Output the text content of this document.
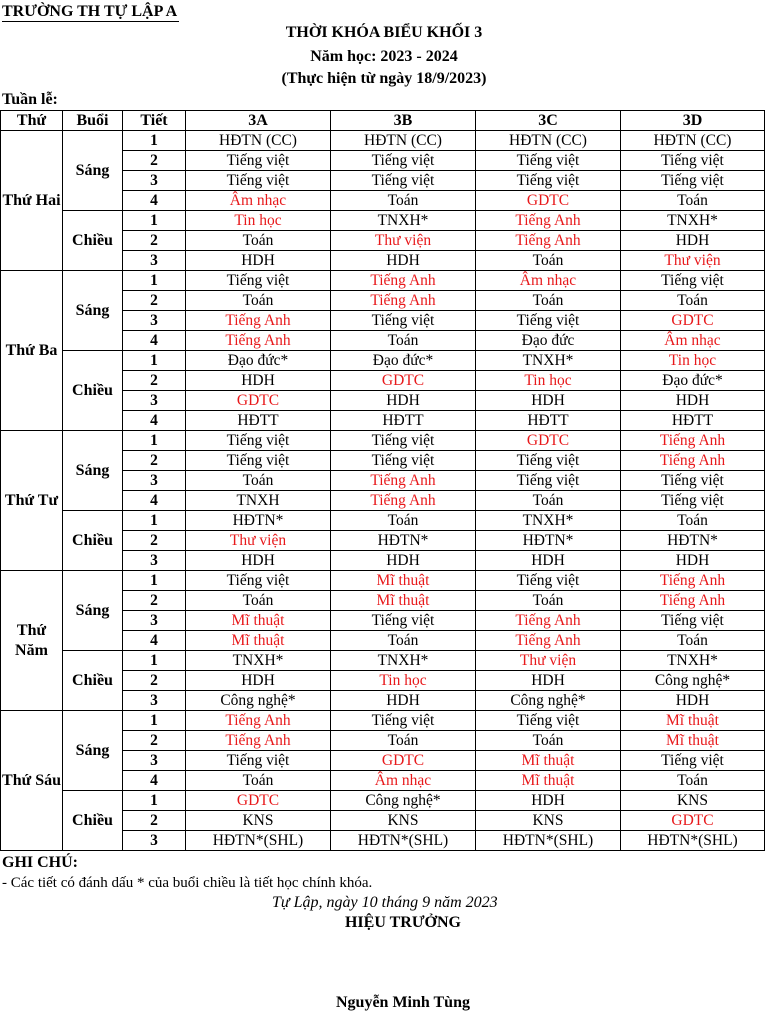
TRƯỜNG TH TỰ LẬP A
THỜI KHÓA BIỂU KHỐI 3
Năm học: 2023 - 2024
(Thực hiện từ ngày 18/9/2023)
Tuần lễ:
Thứ	Buổi	Tiết	3A	3B	3C	3D
Thứ Hai	Sáng	1	HĐTN (CC)	HĐTN (CC)	HĐTN (CC)	HĐTN (CC)
		2	Tiếng việt	Tiếng việt	Tiếng việt	Tiếng việt
		3	Tiếng việt	Tiếng việt	Tiếng việt	Tiếng việt
		4	Âm nhạc	Toán	GDTC	Toán
	Chiều	1	Tin học	TNXH*	Tiếng Anh	TNXH*
		2	Toán	Thư viện	Tiếng Anh	HDH
		3	HDH	HDH	Toán	Thư viện
Thứ Ba	Sáng	1	Tiếng việt	Tiếng Anh	Âm nhạc	Tiếng việt
		2	Toán	Tiếng Anh	Toán	Toán
		3	Tiếng Anh	Tiếng việt	Tiếng việt	GDTC
		4	Tiếng Anh	Toán	Đạo đức	Âm nhạc
	Chiều	1	Đạo đức*	Đạo đức*	TNXH*	Tin học
		2	HDH	GDTC	Tin học	Đạo đức*
		3	GDTC	HDH	HDH	HDH
		4	HĐTT	HĐTT	HĐTT	HĐTT
Thứ Tư	Sáng	1	Tiếng việt	Tiếng việt	GDTC	Tiếng Anh
		2	Tiếng việt	Tiếng việt	Tiếng việt	Tiếng Anh
		3	Toán	Tiếng Anh	Tiếng việt	Tiếng việt
		4	TNXH	Tiếng Anh	Toán	Tiếng việt
	Chiều	1	HĐTN*	Toán	TNXH*	Toán
		2	Thư viện	HĐTN*	HĐTN*	HĐTN*
		3	HDH	HDH	HDH	HDH
Thứ Năm	Sáng	1	Tiếng việt	Mĩ thuật	Tiếng việt	Tiếng Anh
		2	Toán	Mĩ thuật	Toán	Tiếng Anh
		3	Mĩ thuật	Tiếng việt	Tiếng Anh	Tiếng việt
		4	Mĩ thuật	Toán	Tiếng Anh	Toán
	Chiều	1	TNXH*	TNXH*	Thư viện	TNXH*
		2	HDH	Tin học	HDH	Công nghệ*
		3	Công nghệ*	HDH	Công nghệ*	HDH
Thứ Sáu	Sáng	1	Tiếng Anh	Tiếng việt	Tiếng việt	Mĩ thuật
		2	Tiếng Anh	Toán	Toán	Mĩ thuật
		3	Tiếng việt	GDTC	Mĩ thuật	Tiếng việt
		4	Toán	Âm nhạc	Mĩ thuật	Toán
	Chiều	1	GDTC	Công nghệ*	HDH	KNS
		2	KNS	KNS	KNS	GDTC
		3	HĐTN*(SHL)	HĐTN*(SHL)	HĐTN*(SHL)	HĐTN*(SHL)
GHI CHÚ:
- Các tiết có đánh dấu * của buổi chiều là tiết học chính khóa.
Tự Lập, ngày 10 tháng 9 năm 2023
HIỆU TRƯỞNG
Nguyễn Minh Tùng
